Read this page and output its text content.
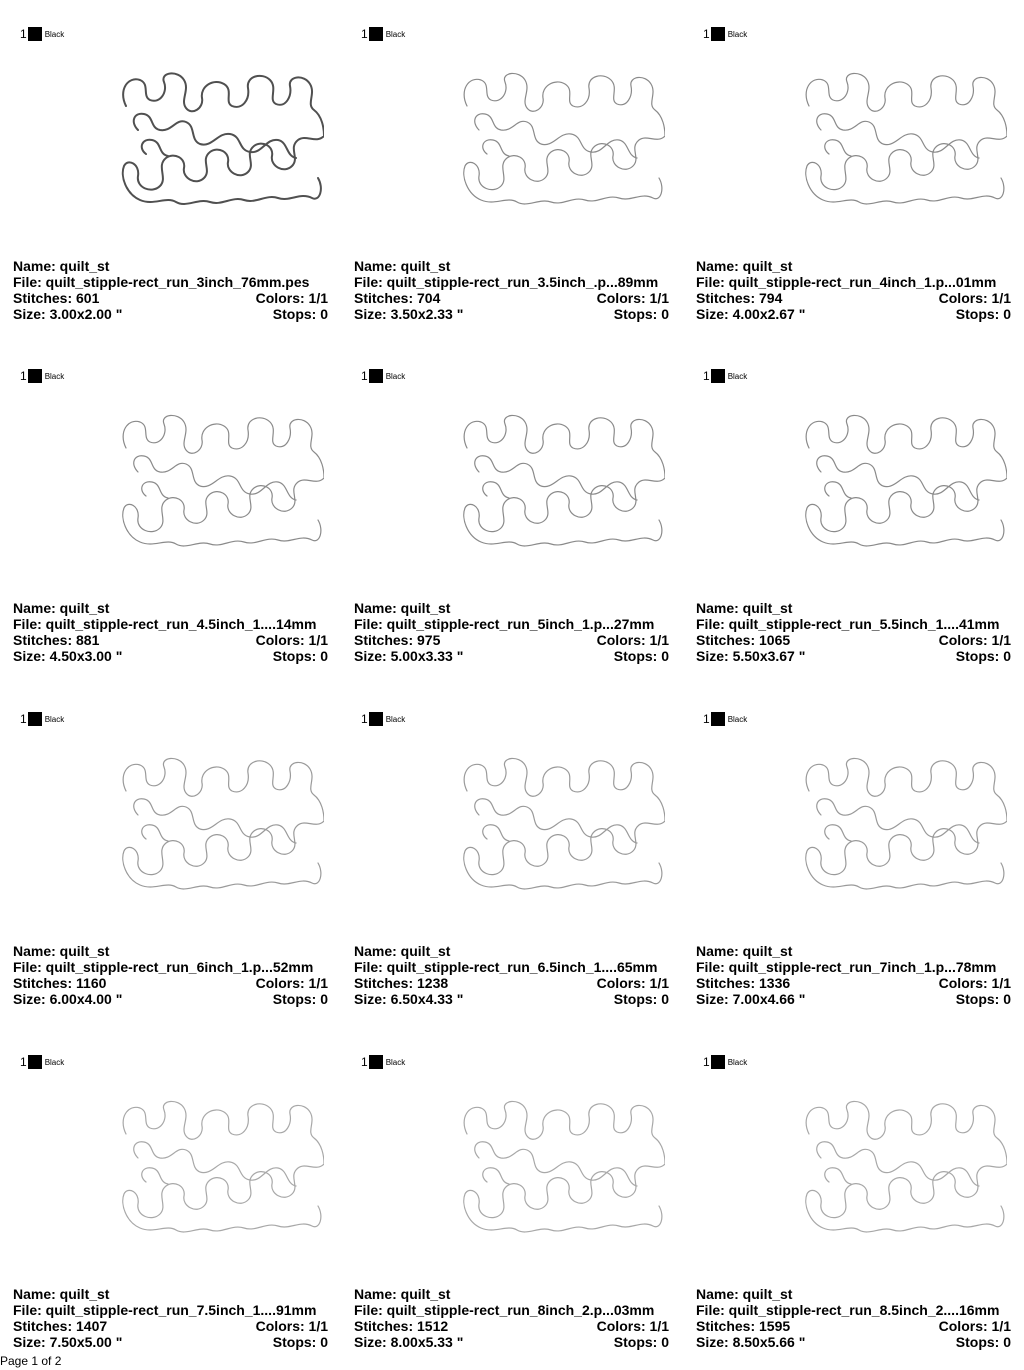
1 Black
Name: quilt_st
File: quilt_stipple-rect_run_3inch_76mm.pes
Stitches: 601	Colors: 1/1
Size: 3.00x2.00 "	Stops: 0
1 Black
Name: quilt_st
File: quilt_stipple-rect_run_3.5inch_.p...89mm
Stitches: 704	Colors: 1/1
Size: 3.50x2.33 "	Stops: 0
1 Black
Name: quilt_st
File: quilt_stipple-rect_run_4inch_1.p...01mm
Stitches: 794	Colors: 1/1
Size: 4.00x2.67 "	Stops: 0
1 Black
Name: quilt_st
File: quilt_stipple-rect_run_4.5inch_1....14mm
Stitches: 881	Colors: 1/1
Size: 4.50x3.00 "	Stops: 0
1 Black
Name: quilt_st
File: quilt_stipple-rect_run_5inch_1.p...27mm
Stitches: 975	Colors: 1/1
Size: 5.00x3.33 "	Stops: 0
1 Black
Name: quilt_st
File: quilt_stipple-rect_run_5.5inch_1....41mm
Stitches: 1065	Colors: 1/1
Size: 5.50x3.67 "	Stops: 0
1 Black
Name: quilt_st
File: quilt_stipple-rect_run_6inch_1.p...52mm
Stitches: 1160	Colors: 1/1
Size: 6.00x4.00 "	Stops: 0
1 Black
Name: quilt_st
File: quilt_stipple-rect_run_6.5inch_1....65mm
Stitches: 1238	Colors: 1/1
Size: 6.50x4.33 "	Stops: 0
1 Black
Name: quilt_st
File: quilt_stipple-rect_run_7inch_1.p...78mm
Stitches: 1336	Colors: 1/1
Size: 7.00x4.66 "	Stops: 0
1 Black
Name: quilt_st
File: quilt_stipple-rect_run_7.5inch_1....91mm
Stitches: 1407	Colors: 1/1
Size: 7.50x5.00 "	Stops: 0
1 Black
Name: quilt_st
File: quilt_stipple-rect_run_8inch_2.p...03mm
Stitches: 1512	Colors: 1/1
Size: 8.00x5.33 "	Stops: 0
1 Black
Name: quilt_st
File: quilt_stipple-rect_run_8.5inch_2....16mm
Stitches: 1595	Colors: 1/1
Size: 8.50x5.66 "	Stops: 0
Page 1 of 2
